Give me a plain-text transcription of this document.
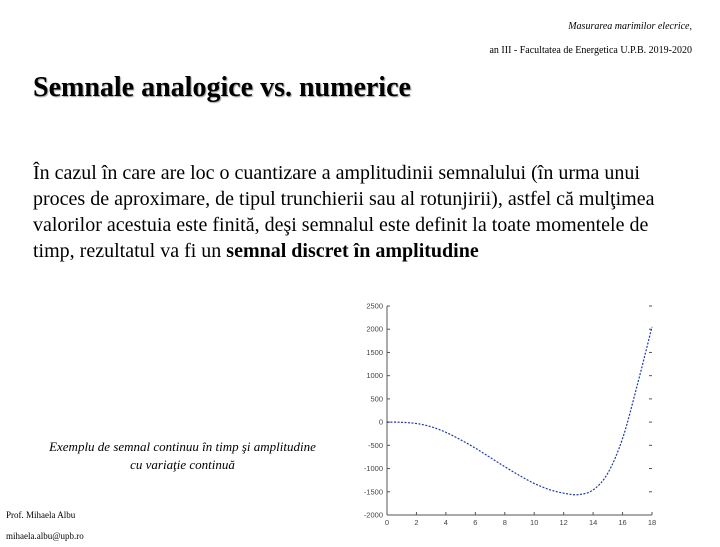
Masurarea marimilor elecrice,
an III - Facultatea de Energetica U.P.B. 2019-2020
Semnale analogice vs. numerice

În cazul în care are loc o cuantizare a amplitudinii semnalului (în urma unui proces de aproximare, de tipul trunchierii sau al rotunjirii), astfel că mulţimea valorilor acestuia este finită, deşi semnalul este definit la toate momentele de timp, rezultatul va fi un semnal discret în amplitudine

2500
2000
1500
1000
500
0
-500
-1000
-1500
-2000
0	2	4	6	8	10	12	14	16	18
Exemplu de semnal continuu în timp şi amplitudine cu variaţie continuă
Prof. Mihaela Albu
mihaela.albu@upb.ro
